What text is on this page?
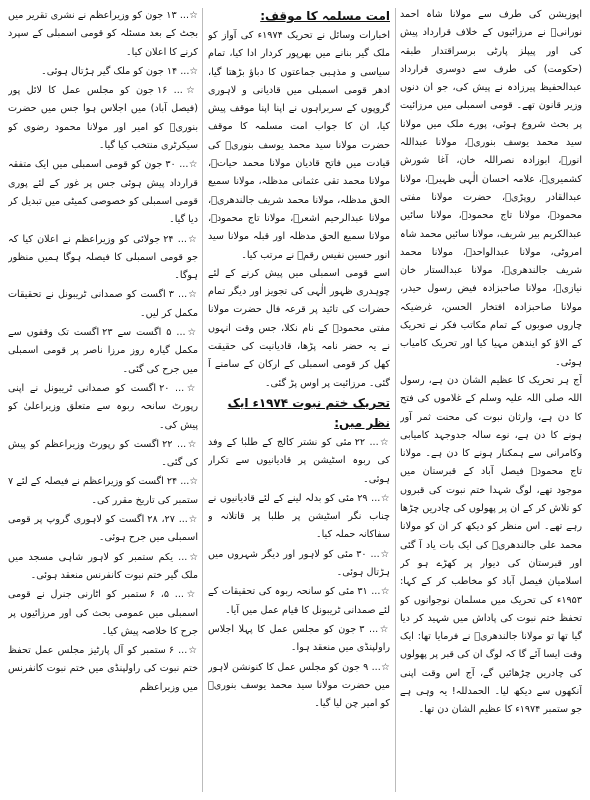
اپوزیشن کی طرف سے مولانا شاہ احمد نورانیؒ نے مرزائیوں کے خلاف قرارداد پیش کی اور پیپلز پارٹی برسراقتدار طبقہ (حکومت) کی طرف سے دوسری قرارداد عبدالحفیظ پیرزادہ نے پیش کی، جو ان دنوں وزیر قانون تھے۔ قومی اسمبلی میں مرزائیت پر بحث شروع ہوئی، پورے ملک میں مولانا سید محمد یوسف بنوریؒ، مولانا عبداللہ انورؒ، ابوزادہ نصراللہ خان، آغا شورش کشمیریؒ، علامہ احسان الٰہی ظہیرؒ، مولانا عبدالقادر روپڑیؒ، حضرت مولانا مفتی محمودؒ، مولانا تاج محمودؒ، مولانا سائیں عبدالکریم بیر شریف، مولانا سائیں محمد شاہ امروٹی، مولانا عبدالواحدؒ، مولانا محمد شریف جالندھریؒ، مولانا عبدالستار خان نیازیؒ، مولانا صاحبزادہ فیض رسول حیدر، مولانا صاحبزادہ افتخار الحسن، غرضیکہ چاروں صوبوں کے تمام مکاتب فکر نے تحریک کے الاؤ کو ایندھن مہیا کیا اور تحریک کامیاب ہوئی۔

آج ہر تحریک کا عظیم الشان دن ہے، رسول اللہ صلی اللہ علیہ وسلم کے غلاموں کی فتح کا دن ہے، وارثان نبوت کی محنت ثمر آور ہونے کا دن ہے، نوے سالہ جدوجہد کامیابی وکامرانی سے ہمکنار ہونے کا دن ہے۔ مولانا تاج محمودؒ فیصل آباد کے قبرستان میں موجود تھے، لوگ شہدا ختم نبوت کی قبروں کو تلاش کر کے ان پر پھولوں کی چادریں چڑھا رہے تھے۔ اس منظر کو دیکھ کر ان کو مولانا محمد علی جالندھریؒ کی ایک بات یاد آ گئی اور قبرستان کی دیوار پر کھڑے ہو کر اسلامیان فیصل آباد کو مخاطب کر کے کہا: ۱۹۵۳ء کی تحریک میں مسلمان نوجوانوں کو تحفظ ختم نبوت کی پاداش میں شہید کر دیا گیا تھا تو مولانا جالندھریؒ نے فرمایا تھا: ایک وقت ایسا آئے گا کہ لوگ ان کی قبر پر پھولوں کی چادریں چڑھائیں گے، آج اس وقت اپنی آنکھوں سے دیکھ لیا۔ الحمدللہ! یہ وہی ہے جو ستمبر ۱۹۷۴ء کا عظیم الشان دن تھا۔

امت مسلمہ کا موقف:

اخبارات وسائل نے تحریک ۱۹۷۴ء کی آواز کو ملک گیر بنانے میں بھرپور کردار ادا کیا، تمام سیاسی و مذہبی جماعتوں کا دباؤ بڑھتا گیا، ادھر قومی اسمبلی میں قادیانی و لاہوری گروپوں کے سربراہوں نے اپنا اپنا موقف پیش کیا، ان کا جواب امت مسلمہ کا موقف حضرت مولانا سید محمد یوسف بنوریؒ کی قیادت میں فاتح قادیان مولانا محمد حیاتؒ، مولانا محمد تقی عثمانی مدظلہ، مولانا سمیع الحق مدظلہ، مولانا محمد شریف جالندھریؒ، مولانا عبدالرحیم اشعرؒ، مولانا تاج محمودؒ، مولانا سمیع الحق مدظلہ اور قبلہ مولانا سید انور حسین نفیس رقمؒ نے مرتب کیا۔

اسے قومی اسمبلی میں پیش کرنے کے لئے چوہدری ظہور الٰہی کی تجویز اور دیگر تمام حضرات کی تائید پر قرعہ فال حضرت مولانا مفتی محمودؒ کے نام نکلا، جس وقت انہوں نے یہ حضر نامہ پڑھا، قادیانیت کی حقیقت کھل کر قومی اسمبلی کے ارکان کے سامنے آ گئی۔ مرزائیت پر اوس پڑ گئی۔

تحریک ختم نبوت ۱۹۷۴ء ایک نظر میں:

☆... ۲۲ مئی کو نشتر کالج کے طلبا کے وفد کی ربوہ اسٹیشن پر قادیانیوں سے تکرار ہوئی۔

☆... ۲۹ مئی کو بدلہ لینے کے لئے قادیانیوں نے چناب نگر اسٹیشن پر طلبا پر قاتلانہ و سفاکانہ حملہ کیا۔

☆... ۳۰ مئی کو لاہور اور دیگر شہروں میں ہڑتال ہوئی۔

☆... ۳۱ مئی کو سانحہ ربوہ کی تحقیقات کے لئے صمدانی ٹریبونل کا قیام عمل میں آیا۔

☆... ۳ جون کو مجلس عمل کا پہلا اجلاس راولپنڈی میں منعقد ہوا۔

☆... ۹ جون کو مجلس عمل کا کنونشن لاہور میں حضرت مولانا سید محمد یوسف بنوریؒ کو امیر چن لیا گیا۔

☆... ۱۳ جون کو وزیراعظم نے نشری تقریر میں بجٹ کے بعد مسئلہ کو قومی اسمبلی کے سپرد کرنے کا اعلان کیا۔

☆... ۱۴ جون کو ملک گیر ہڑتال ہوئی۔

☆... ۱۶ جون کو مجلس عمل کا لائل پور (فیصل آباد) میں اجلاس ہوا جس میں حضرت بنوریؒ کو امیر اور مولانا محمود رضوی کو سیکرٹری منتخب کیا گیا۔

☆... ۳۰ جون کو قومی اسمبلی میں ایک متفقہ قرارداد پیش ہوئی جس پر غور کے لئے پوری قومی اسمبلی کو خصوصی کمیٹی میں تبدیل کر دیا گیا۔

☆... ۲۴ جولائی کو وزیراعظم نے اعلان کیا کہ جو قومی اسمبلی کا فیصلہ ہوگا ہمیں منظور ہوگا۔

☆... ۳ اگست کو صمدانی ٹریبونل نے تحقیقات مکمل کر لیں۔

☆... ۵ اگست سے ۲۳ اگست تک وقفوں سے مکمل گیارہ روز مرزا ناصر پر قومی اسمبلی میں جرح کی گئی۔

☆... ۲۰ اگست کو صمدانی ٹریبونل نے اپنی رپورٹ سانحہ ربوہ سے متعلق وزیراعلیٰ کو پیش کی۔

☆... ۲۲ اگست کو رپورٹ وزیراعظم کو پیش کی گئی۔

☆... ۲۴ اگست کو وزیراعظم نے فیصلہ کے لئے ۷ ستمبر کی تاریخ مقرر کی۔

☆... ۲۷، ۲۸ اگست کو لاہوری گروپ پر قومی اسمبلی میں جرح ہوئی۔

☆... یکم ستمبر کو لاہور شاہی مسجد میں ملک گیر ختم نبوت کانفرنس منعقد ہوئی۔

☆... ۵، ۶ ستمبر کو اٹارنی جنرل نے قومی اسمبلی میں عمومی بحث کی اور مرزائیوں پر جرح کا خلاصہ پیش کیا۔

☆... ۶ ستمبر کو آل پارٹیز مجلس عمل تحفظ ختم نبوت کی راولپنڈی میں ختم نبوت کانفرنس میں وزیراعظم
